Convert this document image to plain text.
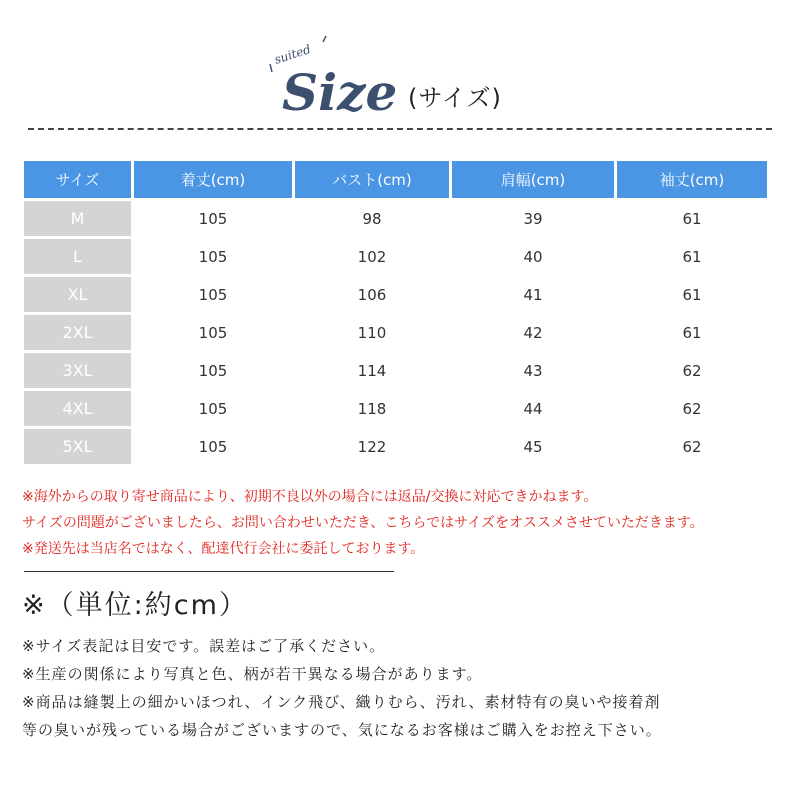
suited
Size (サイズ)
サイズ	着丈(cm)	バスト(cm)	肩幅(cm)	袖丈(cm)
M	105	98	39	61
L	105	102	40	61
XL	105	106	41	61
2XL	105	110	42	61
3XL	105	114	43	62
4XL	105	118	44	62
5XL	105	122	45	62
※海外からの取り寄せ商品により、初期不良以外の場合には返品/交換に対応できかねます。
サイズの問題がございましたら、お問い合わせいただき、こちらではサイズをオススメさせていただきます。
※発送先は当店名ではなく、配達代行会社に委託しております。
※（単位:約cm）
※サイズ表記は目安です。誤差はご了承ください。
※生産の関係により写真と色、柄が若干異なる場合があります。
※商品は縫製上の細かいほつれ、インク飛び、織りむら、汚れ、素材特有の臭いや接着剤
等の臭いが残っている場合がございますので、気になるお客様はご購入をお控え下さい。
